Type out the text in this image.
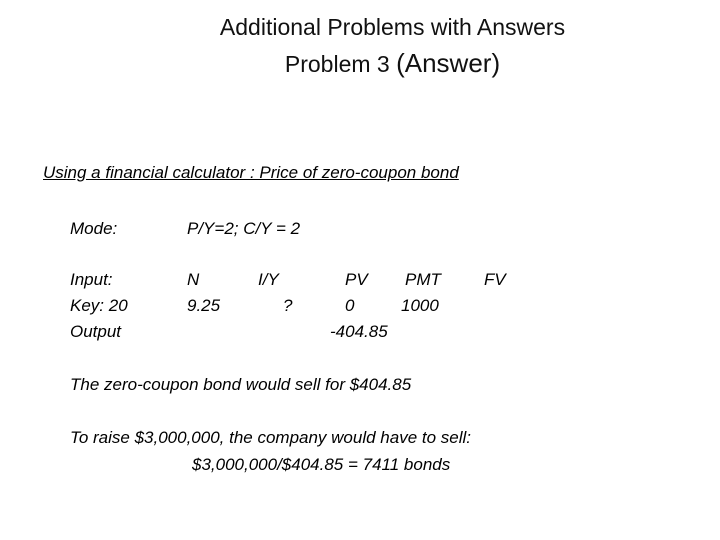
Additional Problems with Answers
Problem 3 (Answer)
Using a financial calculator : Price of zero-coupon bond
Mode:	P/Y=2; C/Y = 2
Input:
Key: 20
Output
N
9.25
I/Y
?
PV
0
-404.85
PMT
1000
FV
The zero-coupon bond would sell for $404.85
To raise $3,000,000, the company would have to sell:
$3,000,000/$404.85 = 7411 bonds
